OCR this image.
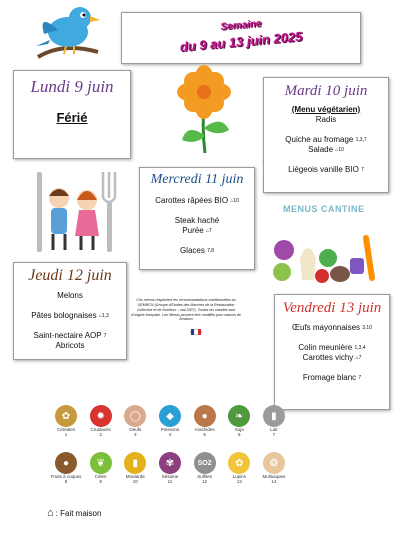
Semaine
du 9 au 13 juin 2025
Lundi 9 juin
Férié
Mardi 10 juin
(Menu végétarien)
Radis
Quiche au fromage $^{1,3,7}$
Salade $^{⌂10}$
Liégeois vanille BIO $^7$
Mercredi 11 juin
Carottes râpées BIO $^{⌂10}$
Steak haché
Purée $^{⌂7}$
Glaces $^{7,8}$
MENUS CANTINE
Jeudi 12 juin
Melons
Pâtes bolognaises $^{⌂1,3}$
Saint-nectaire AOP $^7$
Abricots
Ces menus respectent les recommandations nutritionnelles du GEMRCN (Groupe d'Etudes des Marchés de la Restauration Collective et de Nutrition – mai 2007). Toutes les viandes sont d'origine française. Les Menus peuvent être modifiés pour raisons de livraison
Vendredi 13 juin
Œufs mayonnaises $^{3,10}$
Colin meunière $^{1,3,4}$
Carottes vichy $^{⌂7}$
Fromage blanc $^7$
✿
Céréales
1
✹
Crustacés
2
◯
Oeufs
3
◆
Poissons
4
●
Arachides
5
❧
Soja
6
▮
Lait
7
●
Fruits à coques
8
❦
Céleri
9
▮
Moutarde
10
✾
Sésame
11
SO2
Sulfites
12
✿
Lupins
13
❂
Mollusques
14
⌂ : Fait maison
